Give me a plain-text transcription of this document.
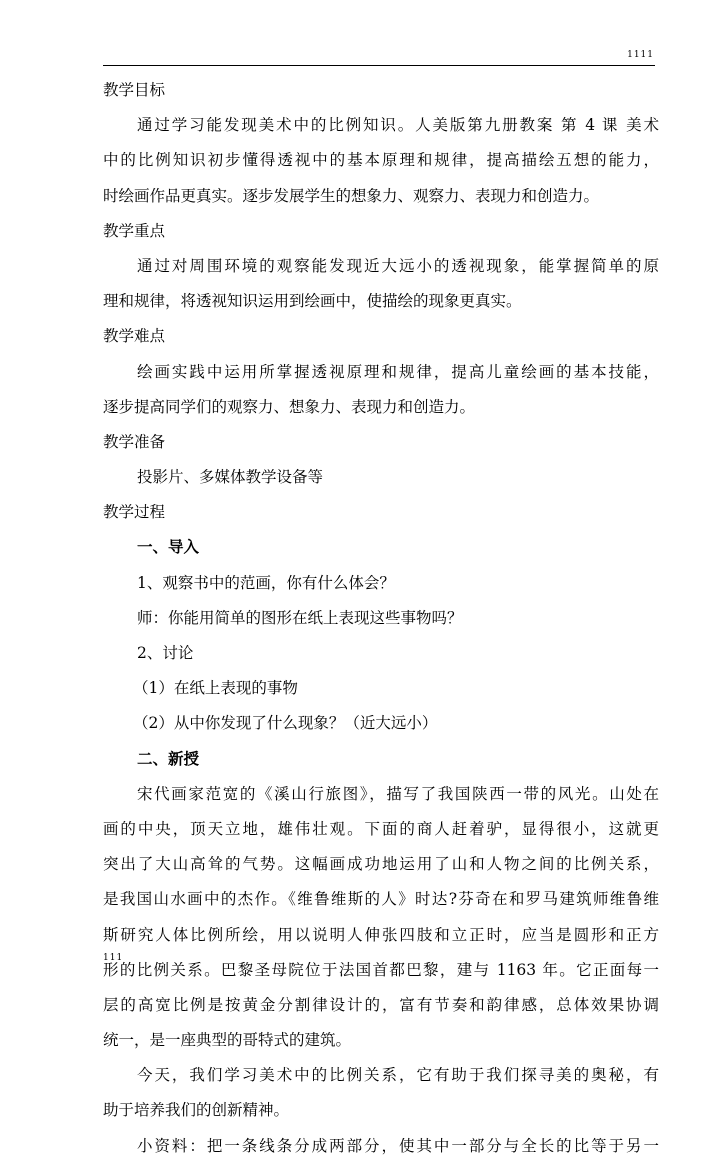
1111
教学目标
通过学习能发现美术中的比例知识。人美版第九册教案 第 4 课 美术
中的比例知识初步懂得透视中的基本原理和规律，提高描绘五想的能力，
时绘画作品更真实。逐步发展学生的想象力、观察力、表现力和创造力。
教学重点
通过对周围环境的观察能发现近大远小的透视现象，能掌握简单的原
理和规律，将透视知识运用到绘画中，使描绘的现象更真实。
教学难点
绘画实践中运用所掌握透视原理和规律，提高儿童绘画的基本技能，
逐步提高同学们的观察力、想象力、表现力和创造力。
教学准备
投影片、多媒体教学设备等
教学过程
一、导入
1、观察书中的范画，你有什么体会？
师：你能用简单的图形在纸上表现这些事物吗？
2、讨论
（1）在纸上表现的事物
（2）从中你发现了什么现象？（近大远小）
二、新授
宋代画家范宽的《溪山行旅图》，描写了我国陕西一带的风光。山处在
画的中央，顶天立地，雄伟壮观。下面的商人赶着驴，显得很小，这就更
突出了大山高耸的气势。这幅画成功地运用了山和人物之间的比例关系，
是我国山水画中的杰作。《维鲁维斯的人》时达?芬奇在和罗马建筑师维鲁维
斯研究人体比例所绘，用以说明人伸张四肢和立正时，应当是圆形和正方
形的比例关系。巴黎圣母院位于法国首都巴黎，建与 1163 年。它正面每一
层的高宽比例是按黄金分割律设计的，富有节奏和韵律感，总体效果协调
统一，是一座典型的哥特式的建筑。
今天，我们学习美术中的比例关系，它有助于我们探寻美的奥秘，有
助于培养我们的创新精神。
小资料：把一条线条分成两部分，使其中一部分与全长的比等于另一
111
